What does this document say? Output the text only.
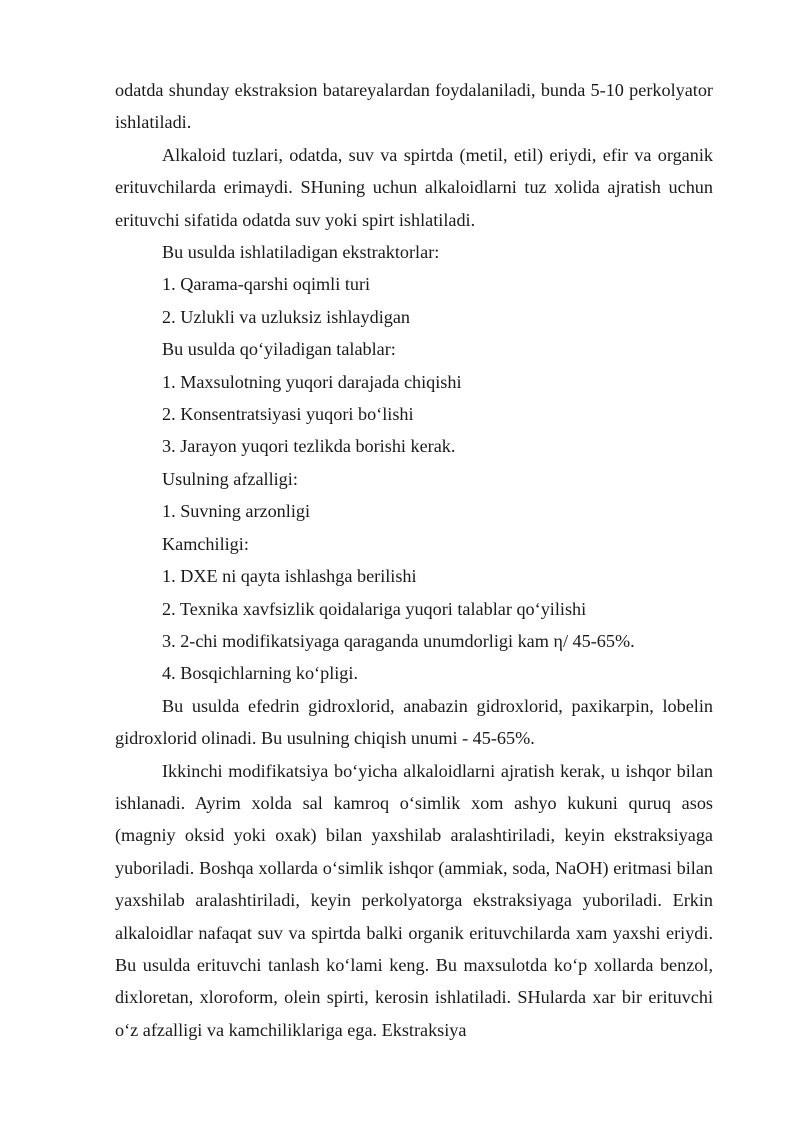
odatda shunday ekstraksion batareyalardan foydalaniladi, bunda 5-10 perkolyator ishlatiladi.

Alkaloid tuzlari, odatda, suv va spirtda (metil, etil) eriydi, efir va organik erituvchilarda erimaydi. SHuning uchun alkaloidlarni tuz xolida ajratish uchun erituvchi sifatida odatda suv yoki spirt ishlatiladi.

Bu usulda ishlatiladigan ekstraktorlar:

1. Qarama-qarshi oqimli turi

2. Uzlukli va uzluksiz ishlaydigan

Bu usulda qo‘yiladigan talablar:

1. Maxsulotning yuqori darajada chiqishi

2. Konsentratsiyasi yuqori bo‘lishi

3. Jarayon yuqori tezlikda borishi kerak.

Usulning afzalligi:

1. Suvning arzonligi

Kamchiligi:

1. DXE ni qayta ishlashga berilishi

2. Texnika xavfsizlik qoidalariga yuqori talablar qo‘yilishi

3. 2-chi modifikatsiyaga qaraganda unumdorligi kam η/ 45-65%.

4. Bosqichlarning ko‘pligi.

Bu usulda efedrin gidroxlorid, anabazin gidroxlorid, paxikarpin, lobelin gidroxlorid olinadi. Bu usulning chiqish unumi - 45-65%.

Ikkinchi modifikatsiya bo‘yicha alkaloidlarni ajratish kerak, u ishqor bilan ishlanadi. Ayrim xolda sal kamroq o‘simlik xom ashyo kukuni quruq asos (magniy oksid yoki oxak) bilan yaxshilab aralashtiriladi, keyin ekstraksiyaga yuboriladi. Boshqa xollarda o‘simlik ishqor (ammiak, soda, NaOH) eritmasi bilan yaxshilab aralashtiriladi, keyin perkolyatorga ekstraksiyaga yuboriladi. Erkin alkaloidlar nafaqat suv va spirtda balki organik erituvchilarda xam yaxshi eriydi. Bu usulda erituvchi tanlash ko‘lami keng. Bu maxsulotda ko‘p xollarda benzol, dixloretan, xloroform, olein spirti, kerosin ishlatiladi. SHularda xar bir erituvchi o‘z afzalligi va kamchiliklariga ega. Ekstraksiya
